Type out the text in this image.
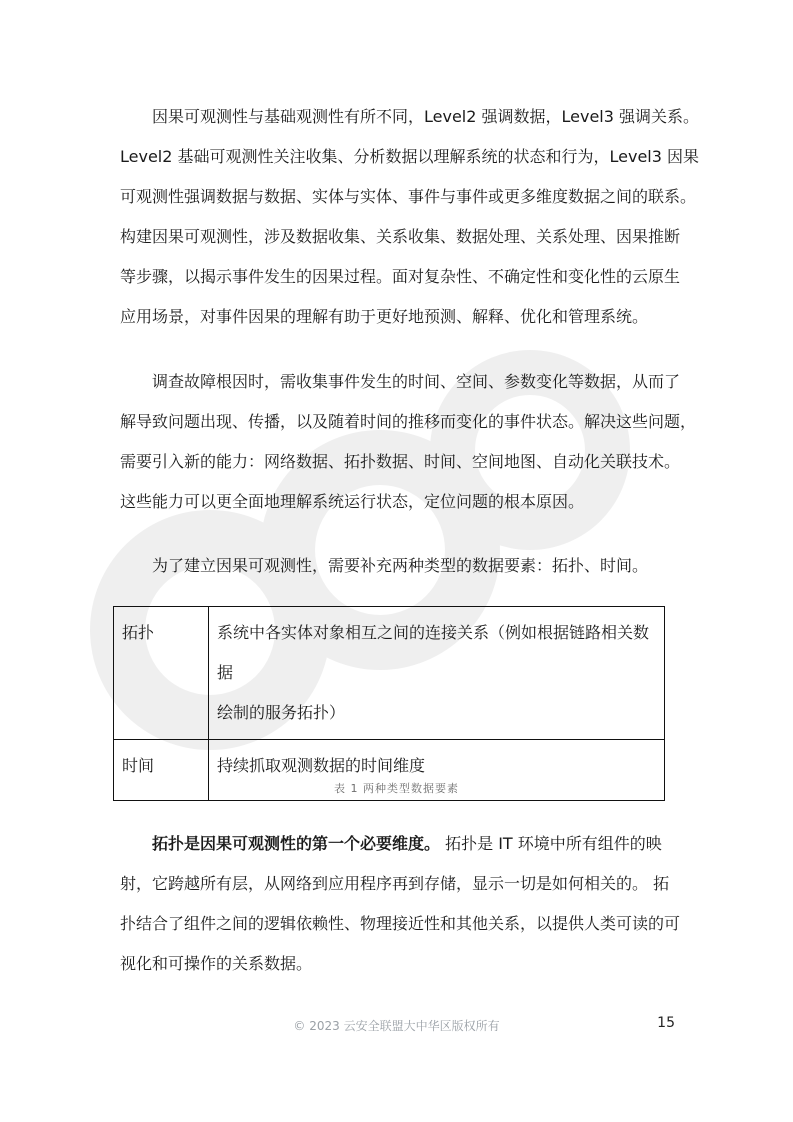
因果可观测性与基础观测性有所不同，Level2 强调数据，Level3 强调关系。
Level2 基础可观测性关注收集、分析数据以理解系统的状态和行为，Level3 因果
可观测性强调数据与数据、实体与实体、事件与事件或更多维度数据之间的联系。
构建因果可观测性，涉及数据收集、关系收集、数据处理、关系处理、因果推断
等步骤，以揭示事件发生的因果过程。面对复杂性、不确定性和变化性的云原生
应用场景，对事件因果的理解有助于更好地预测、解释、优化和管理系统。
调查故障根因时，需收集事件发生的时间、空间、参数变化等数据，从而了
解导致问题出现、传播，以及随着时间的推移而变化的事件状态。解决这些问题，
需要引入新的能力：网络数据、拓扑数据、时间、空间地图、自动化关联技术。
这些能力可以更全面地理解系统运行状态，定位问题的根本原因。
为了建立因果可观测性，需要补充两种类型的数据要素：拓扑、时间。
拓扑	系统中各实体对象相互之间的连接关系（例如根据链路相关数据
绘制的服务拓扑）

时间	持续抓取观测数据的时间维度
表 1 两种类型数据要素
拓扑是因果可观测性的第一个必要维度。 拓扑是 IT 环境中所有组件的映
射，它跨越所有层，从网络到应用程序再到存储，显示一切是如何相关的。 拓
扑结合了组件之间的逻辑依赖性、物理接近性和其他关系，以提供人类可读的可
视化和可操作的关系数据。
© 2023 云安全联盟大中华区版权所有	15
